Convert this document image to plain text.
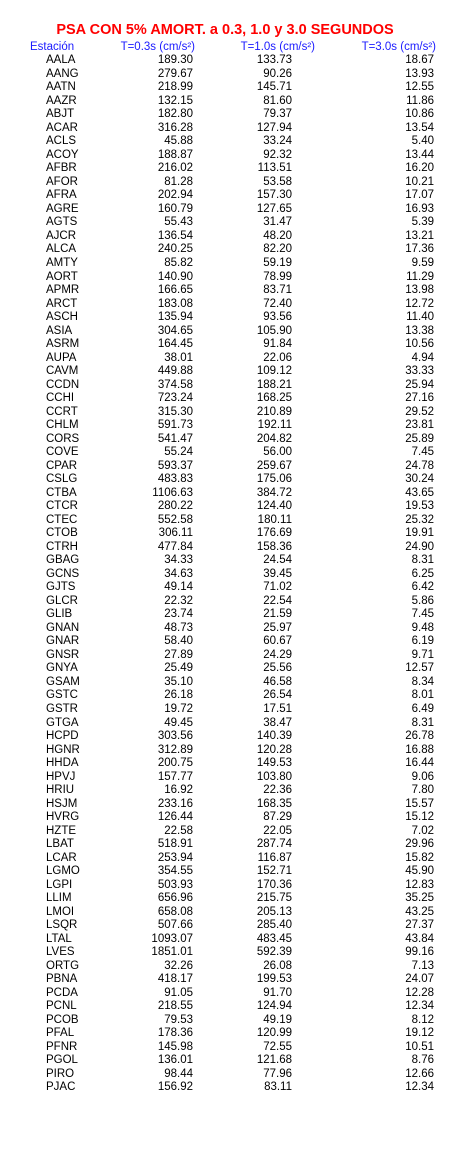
PSA CON 5% AMORT. a 0.3, 1.0 y 3.0 SEGUNDOS
Estación	T=0.3s (cm/s²)	T=1.0s (cm/s²)	T=3.0s (cm/s²)
AALA	189.30	133.73	18.67
AANG	279.67	90.26	13.93
AATN	218.99	145.71	12.55
AAZR	132.15	81.60	11.86
ABJT	182.80	79.37	10.86
ACAR	316.28	127.94	13.54
ACLS	45.88	33.24	5.40
ACOY	188.87	92.32	13.44
AFBR	216.02	113.51	16.20
AFOR	81.28	53.58	10.21
AFRA	202.94	157.30	17.07
AGRE	160.79	127.65	16.93
AGTS	55.43	31.47	5.39
AJCR	136.54	48.20	13.21
ALCA	240.25	82.20	17.36
AMTY	85.82	59.19	9.59
AORT	140.90	78.99	11.29
APMR	166.65	83.71	13.98
ARCT	183.08	72.40	12.72
ASCH	135.94	93.56	11.40
ASIA	304.65	105.90	13.38
ASRM	164.45	91.84	10.56
AUPA	38.01	22.06	4.94
CAVM	449.88	109.12	33.33
CCDN	374.58	188.21	25.94
CCHI	723.24	168.25	27.16
CCRT	315.30	210.89	29.52
CHLM	591.73	192.11	23.81
CORS	541.47	204.82	25.89
COVE	55.24	56.00	7.45
CPAR	593.37	259.67	24.78
CSLG	483.83	175.06	30.24
CTBA	1106.63	384.72	43.65
CTCR	280.22	124.40	19.53
CTEC	552.58	180.11	25.32
CTOB	306.11	176.69	19.91
CTRH	477.84	158.36	24.90
GBAG	34.33	24.54	8.31
GCNS	34.63	39.45	6.25
GJTS	49.14	71.02	6.42
GLCR	22.32	22.54	5.86
GLIB	23.74	21.59	7.45
GNAN	48.73	25.97	9.48
GNAR	58.40	60.67	6.19
GNSR	27.89	24.29	9.71
GNYA	25.49	25.56	12.57
GSAM	35.10	46.58	8.34
GSTC	26.18	26.54	8.01
GSTR	19.72	17.51	6.49
GTGA	49.45	38.47	8.31
HCPD	303.56	140.39	26.78
HGNR	312.89	120.28	16.88
HHDA	200.75	149.53	16.44
HPVJ	157.77	103.80	9.06
HRIU	16.92	22.36	7.80
HSJM	233.16	168.35	15.57
HVRG	126.44	87.29	15.12
HZTE	22.58	22.05	7.02
LBAT	518.91	287.74	29.96
LCAR	253.94	116.87	15.82
LGMO	354.55	152.71	45.90
LGPI	503.93	170.36	12.83
LLIM	656.96	215.75	35.25
LMOI	658.08	205.13	43.25
LSQR	507.66	285.40	27.37
LTAL	1093.07	483.45	43.84
LVES	1851.01	592.39	99.16
ORTG	32.26	26.08	7.13
PBNA	418.17	199.53	24.07
PCDA	91.05	91.70	12.28
PCNL	218.55	124.94	12.34
PCOB	79.53	49.19	8.12
PFAL	178.36	120.99	19.12
PFNR	145.98	72.55	10.51
PGOL	136.01	121.68	8.76
PIRO	98.44	77.96	12.66
PJAC	156.92	83.11	12.34
